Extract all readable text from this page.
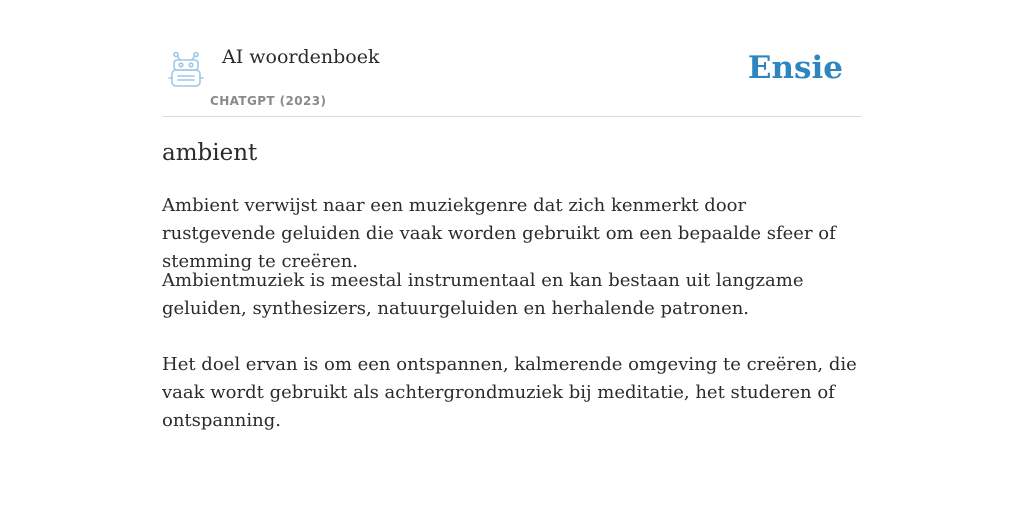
AI woordenboek
CHATGPT (2023)
Ensie
ambient

Ambient verwijst naar een muziekgenre dat zich kenmerkt door rustgevende geluiden die vaak worden gebruikt om een bepaalde sfeer of stemming te creëren.

Ambientmuziek is meestal instrumentaal en kan bestaan uit langzame geluiden, synthesizers, natuurgeluiden en herhalende patronen.

Het doel ervan is om een ontspannen, kalmerende omgeving te creëren, die vaak wordt gebruikt als achtergrondmuziek bij meditatie, het studeren of ontspanning.
